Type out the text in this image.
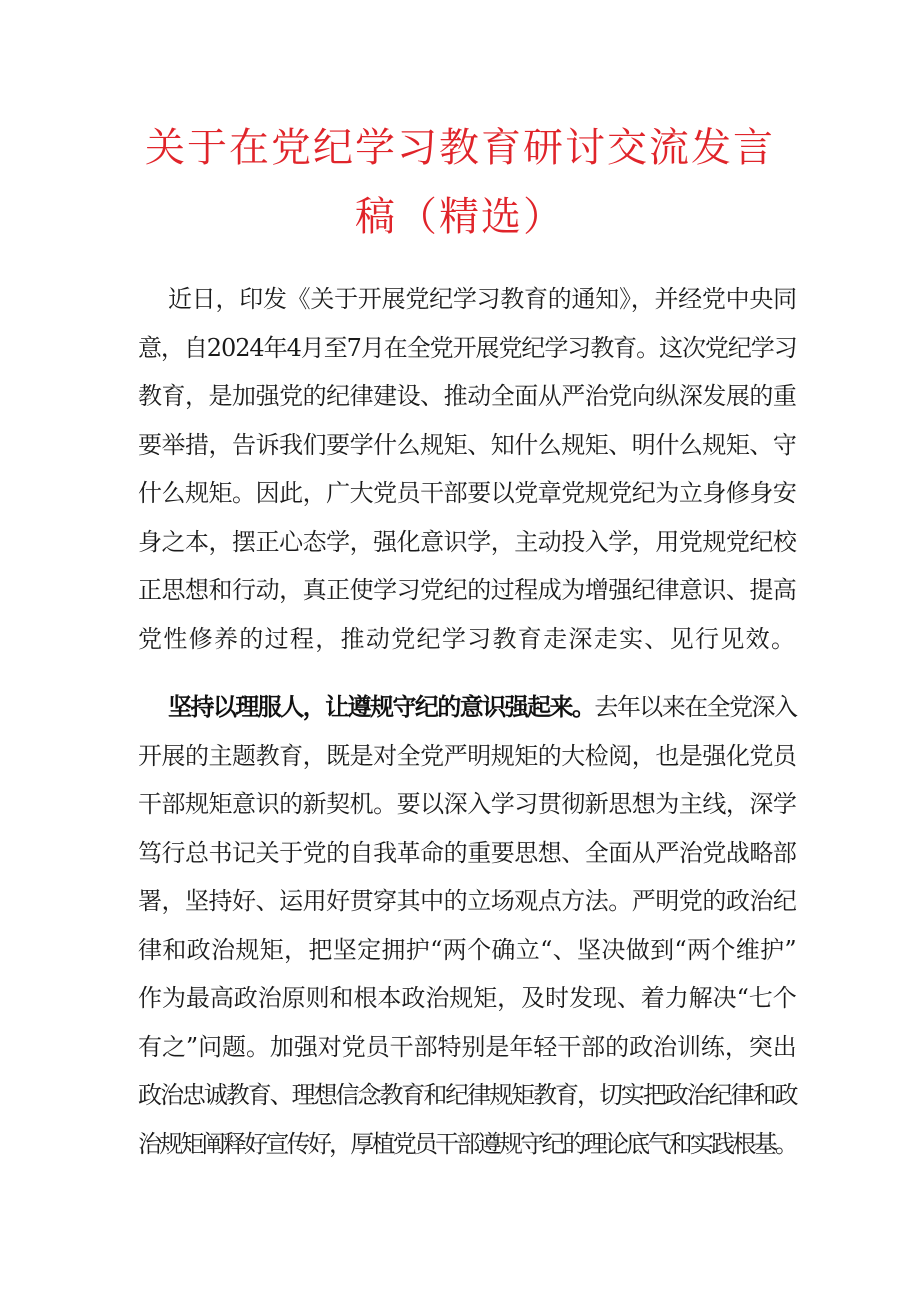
关于在党纪学习教育研讨交流发言
稿（精选）
近日，印发《关于开展党纪学习教育的通知》，并经党中央同
意，自2024年4月至7月在全党开展党纪学习教育。这次党纪学习
教育，是加强党的纪律建设、推动全面从严治党向纵深发展的重
要举措，告诉我们要学什么规矩、知什么规矩、明什么规矩、守
什么规矩。因此，广大党员干部要以党章党规党纪为立身修身安
身之本，摆正心态学，强化意识学，主动投入学，用党规党纪校
正思想和行动，真正使学习党纪的过程成为增强纪律意识、提高
党性修养的过程，推动党纪学习教育走深走实、见行见效。
坚持以理服人，让遵规守纪的意识强起来。去年以来在全党深入
开展的主题教育，既是对全党严明规矩的大检阅，也是强化党员
干部规矩意识的新契机。要以深入学习贯彻新思想为主线，深学
笃行总书记关于党的自我革命的重要思想、全面从严治党战略部
署，坚持好、运用好贯穿其中的立场观点方法。严明党的政治纪
律和政治规矩，把坚定拥护“两个确立“、坚决做到“两个维护”
作为最高政治原则和根本政治规矩，及时发现、着力解决“七个
有之”问题。加强对党员干部特别是年轻干部的政治训练，突出
政治忠诚教育、理想信念教育和纪律规矩教育，切实把政治纪律和政
治规矩阐释好宣传好，厚植党员干部遵规守纪的理论底气和实践根基。
